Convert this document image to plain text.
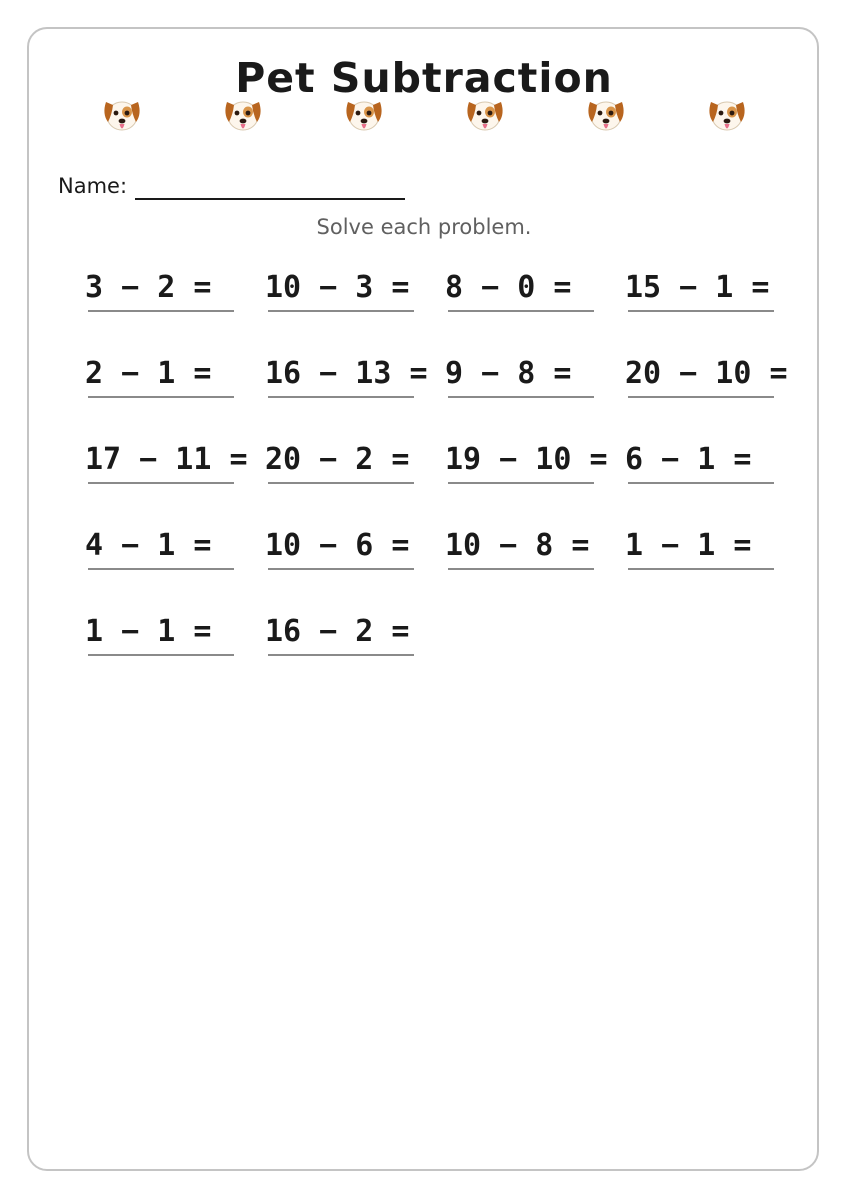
Pet Subtraction
Name:
Solve each problem.
3 − 2 = 10 − 3 = 8 − 0 = 15 − 1 =
2 − 1 = 16 − 13 = 9 − 8 = 20 − 10 =
17 − 11 = 20 − 2 = 19 − 10 = 6 − 1 =
4 − 1 = 10 − 6 = 10 − 8 = 1 − 1 =
1 − 1 = 16 − 2 =
